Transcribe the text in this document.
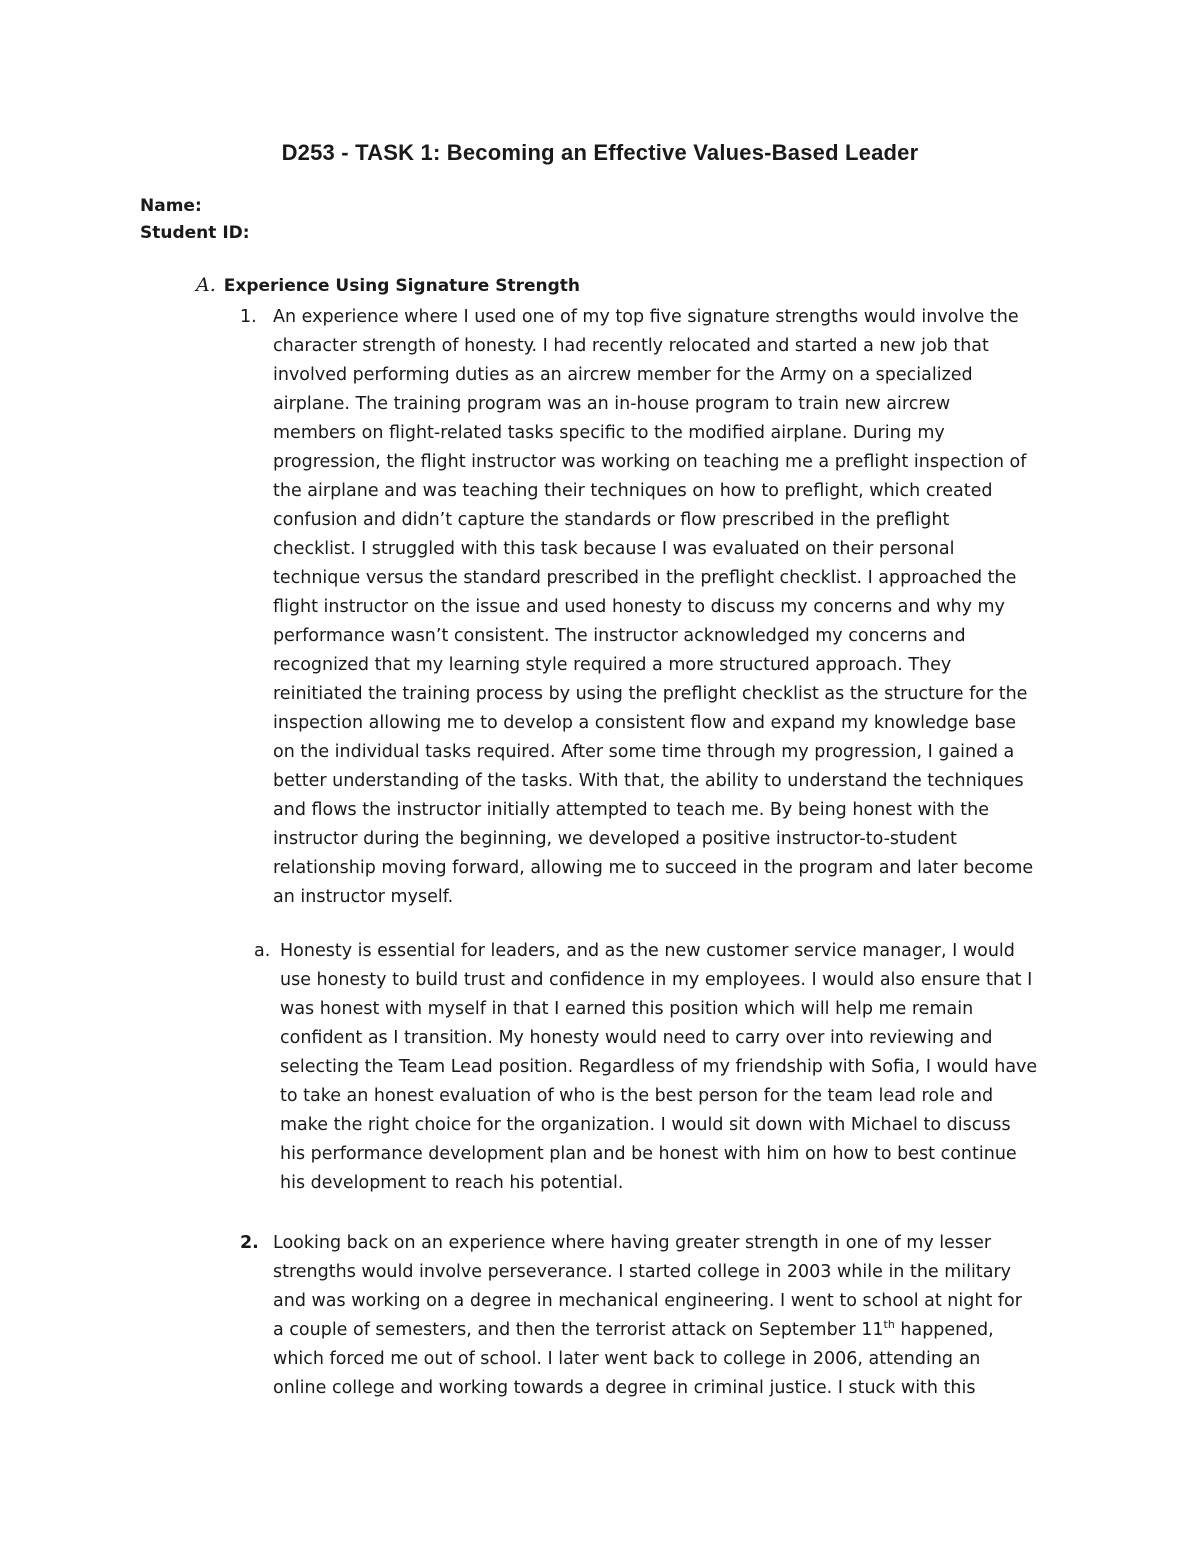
D253 - TASK 1: Becoming an Effective Values-Based Leader
Name:
Student ID:
A. Experience Using Signature Strength
1. An experience where I used one of my top five signature strengths would involve the
character strength of honesty. I had recently relocated and started a new job that
involved performing duties as an aircrew member for the Army on a specialized
airplane. The training program was an in-house program to train new aircrew
members on flight-related tasks specific to the modified airplane. During my
progression, the flight instructor was working on teaching me a preflight inspection of
the airplane and was teaching their techniques on how to preflight, which created
confusion and didn’t capture the standards or flow prescribed in the preflight
checklist. I struggled with this task because I was evaluated on their personal
technique versus the standard prescribed in the preflight checklist. I approached the
flight instructor on the issue and used honesty to discuss my concerns and why my
performance wasn’t consistent. The instructor acknowledged my concerns and
recognized that my learning style required a more structured approach. They
reinitiated the training process by using the preflight checklist as the structure for the
inspection allowing me to develop a consistent flow and expand my knowledge base
on the individual tasks required. After some time through my progression, I gained a
better understanding of the tasks. With that, the ability to understand the techniques
and flows the instructor initially attempted to teach me. By being honest with the
instructor during the beginning, we developed a positive instructor-to-student
relationship moving forward, allowing me to succeed in the program and later become
an instructor myself.
a. Honesty is essential for leaders, and as the new customer service manager, I would
use honesty to build trust and confidence in my employees. I would also ensure that I
was honest with myself in that I earned this position which will help me remain
confident as I transition. My honesty would need to carry over into reviewing and
selecting the Team Lead position. Regardless of my friendship with Sofia, I would have
to take an honest evaluation of who is the best person for the team lead role and
make the right choice for the organization. I would sit down with Michael to discuss
his performance development plan and be honest with him on how to best continue
his development to reach his potential.
2. Looking back on an experience where having greater strength in one of my lesser
strengths would involve perseverance. I started college in 2003 while in the military
and was working on a degree in mechanical engineering. I went to school at night for
a couple of semesters, and then the terrorist attack on September 11th happened,
which forced me out of school. I later went back to college in 2006, attending an
online college and working towards a degree in criminal justice. I stuck with this
